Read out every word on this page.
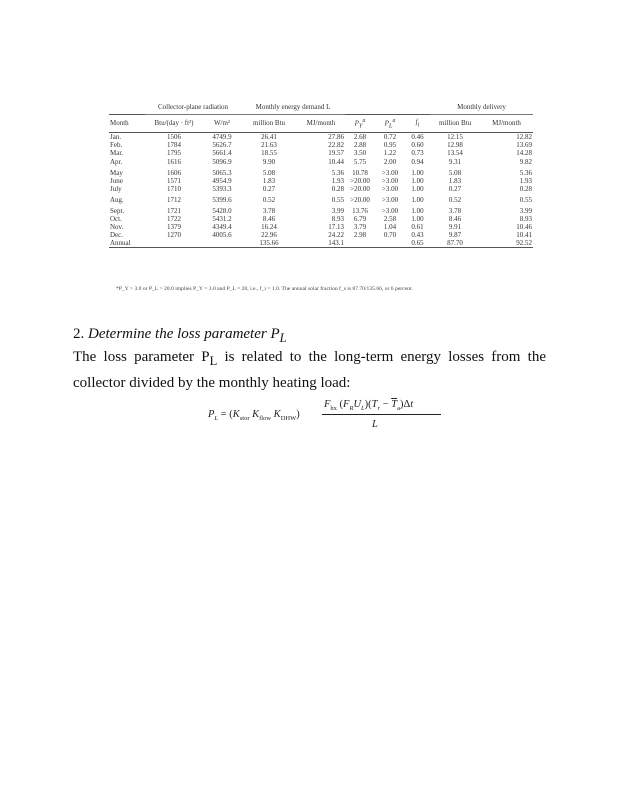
	Collector-plane radiation		Monthly energy demand L					Monthly delivery	
Month	Btu/(day · ft²)	W/m²	million Btu	MJ/month	$P_Y^a$	$P_L^a$	$f_i$	million Btu	MJ/month
Jan.	1506	4749.9	26.41	27.86	2.68	0.72	0.46	12.15	12.82
Feb.	1784	5626.7	21.63	22.82	2.88	0.95	0.60	12.98	13.69
Mar.	1795	5661.4	18.55	19.57	3.50	1.22	0.73	13.54	14.28
Apr.	1616	5096.9	9.90	10.44	5.75	2.00	0.94	9.31	9.82
May	1606	5065.3	5.08	5.36	10.78	>3.00	1.00	5.08	5.36
June	1571	4954.9	1.83	1.93	>20.00	>3.00	1.00	1.83	1.93
July	1710	5393.3	0.27	0.28	>20.00	>3.00	1.00	0.27	0.28
Aug.	1712	5399.6	0.52	0.55	>20.00	>3.00	1.00	0.52	0.55
Sept.	1721	5428.0	3.78	3.99	13.76	>3.00	1.00	3.78	3.99
Oct.	1722	5431.2	8.46	8.93	6.79	2.58	1.00	8.46	8.93
Nov.	1379	4349.4	16.24	17.13	3.79	1.04	0.61	9.91	10.46
Dec.	1270	4005.6	22.96	24.22	2.98	0.70	0.43	9.87	10.41
Annual			135.66	143.1			0.65	87.70	92.52
*P_Y > 3.0 or P_L > 20.0 implies P_Y = 3.0 and P_L = 20, i.e., f_i = 1.0. The annual solar fraction f_s is 87.70/135.66, or 6 percent.
2. Determine the loss parameter $P_L$
The loss parameter $P_L$ is related to the long-term energy losses from the collector divided by the monthly heating load:
$P_L = (K_{stor}$ $K_{flow}$ $K_{DHW}$)
$F_{hx}$ $(F_RU_L)(T_r - \overline{T}_a)\Delta t$
L
